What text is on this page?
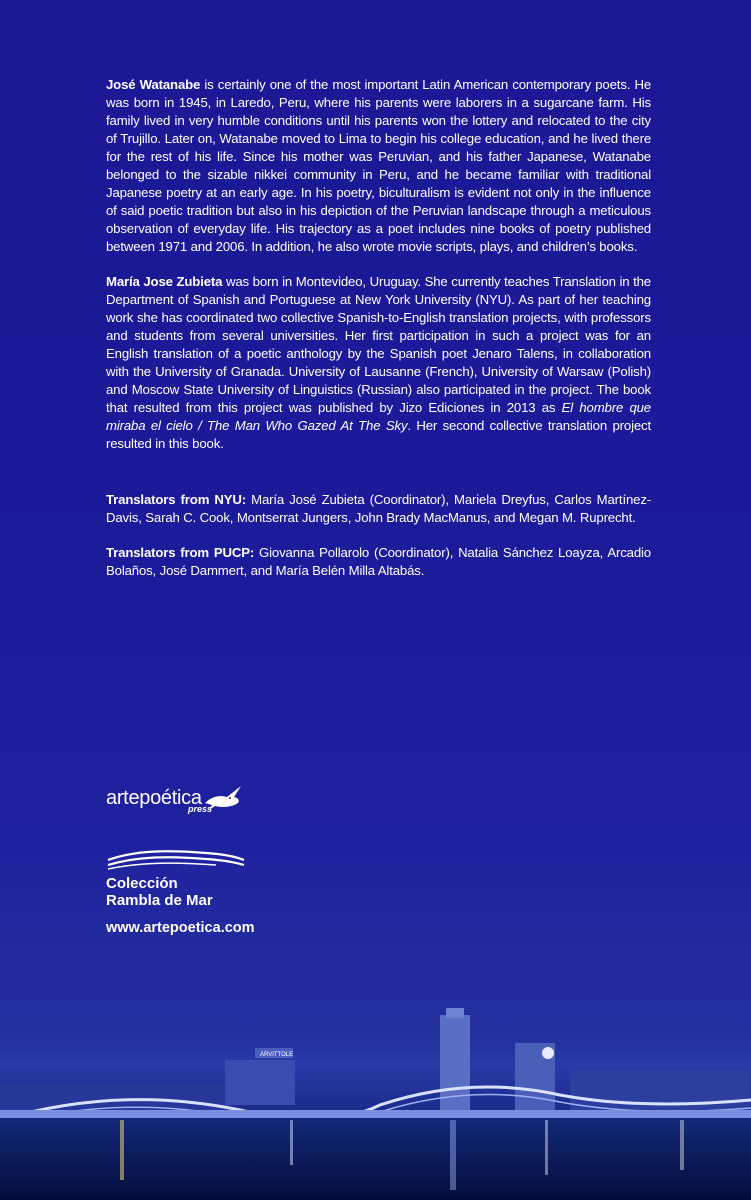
José Watanabe is certainly one of the most important Latin American contemporary poets. He was born in 1945, in Laredo, Peru, where his parents were laborers in a sugarcane farm. His family lived in very humble conditions until his parents won the lottery and relocated to the city of Trujillo. Later on, Watanabe moved to Lima to begin his college education, and he lived there for the rest of his life. Since his mother was Peruvian, and his father Japanese, Watanabe belonged to the sizable nikkei community in Peru, and he became familiar with traditional Japanese poetry at an early age. In his poetry, biculturalism is evident not only in the influence of said poetic tradition but also in his depiction of the Peruvian landscape through a meticulous observation of everyday life. His trajectory as a poet includes nine books of poetry published between 1971 and 2006. In addition, he also wrote movie scripts, plays, and children’s books.

María Jose Zubieta was born in Montevideo, Uruguay. She currently teaches Translation in the Department of Spanish and Portuguese at New York University (NYU). As part of her teaching work she has coordinated two collective Spanish-to-English translation projects, with professors and students from several universities. Her first participation in such a project was for an English translation of a poetic anthology by the Spanish poet Jenaro Talens, in collaboration with the University of Granada. University of Lausanne (French), University of Warsaw (Polish) and Moscow State University of Linguistics (Russian) also participated in the project. The book that resulted from this project was published by Jizo Ediciones in 2013 as El hombre que miraba el cielo / The Man Who Gazed At The Sky. Her second collective translation project resulted in this book.

Translators from NYU: María José Zubieta (Coordinator), Mariela Dreyfus, Carlos Martínez-Davis, Sarah C. Cook, Montserrat Jungers, John Brady MacManus, and Megan M. Ruprecht.

Translators from PUCP: Giovanna Pollarolo (Coordinator), Natalia Sánchez Loayza, Arcadio Bolaños, José Dammert, and María Belén Milla Altabás.

artepoética
press
Colección
Rambla de Mar
www.artepoetica.com
ARVITTOLE
